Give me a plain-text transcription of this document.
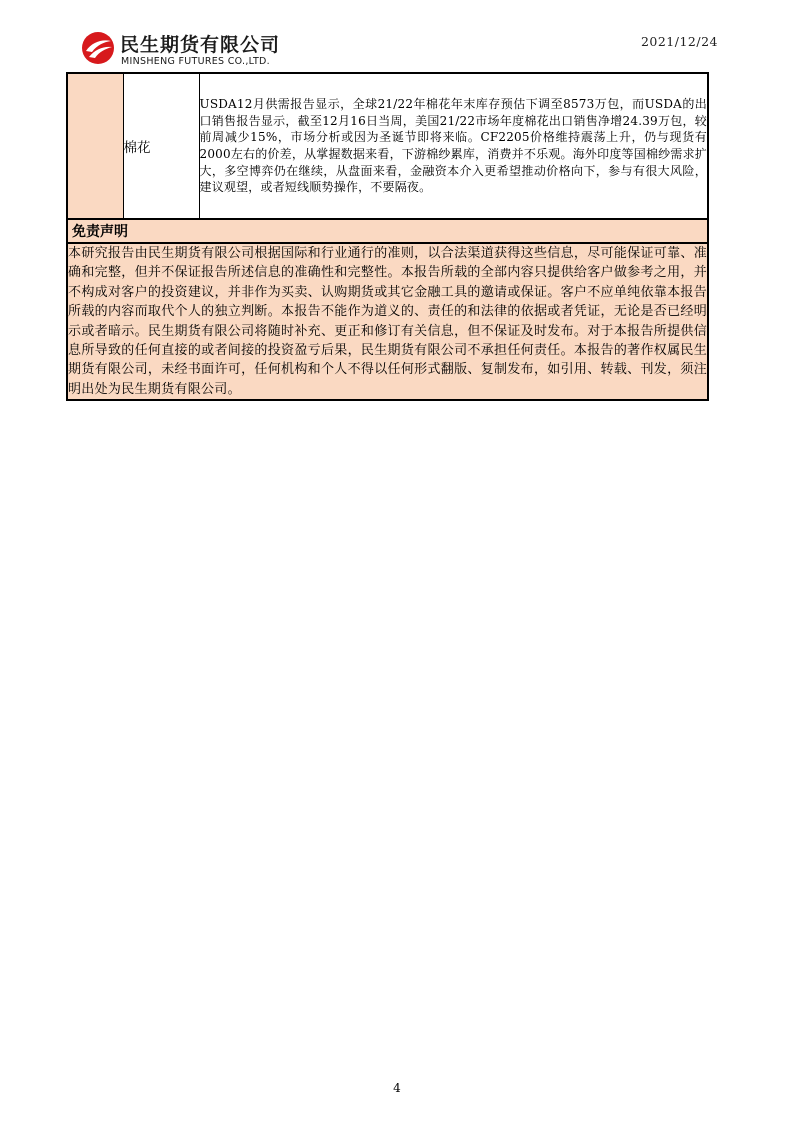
民生期货有限公司
MINSHENG FUTURES CO.,LTD.
2021/12/24
	棉花	USDA12月供需报告显示，全球21/22年棉花年末库存预估下调至8573万包，而USDA的出口销售报告显示，截至12月16日当周，美国21/22市场年度棉花出口销售净增24.39万包，较前周减少15%，市场分析或因为圣诞节即将来临。CF2205价格维持震荡上升，仍与现货有2000左右的价差，从掌握数据来看，下游棉纱累库，消费并不乐观。海外印度等国棉纱需求扩大，多空博弈仍在继续，从盘面来看，金融资本介入更希望推动价格向下，参与有很大风险，建议观望，或者短线顺势操作，不要隔夜。
免责声明
本研究报告由民生期货有限公司根据国际和行业通行的准则，以合法渠道获得这些信息，尽可能保证可靠、准确和完整，但并不保证报告所述信息的准确性和完整性。本报告所载的全部内容只提供给客户做参考之用，并不构成对客户的投资建议，并非作为买卖、认购期货或其它金融工具的邀请或保证。客户不应单纯依靠本报告所载的内容而取代个人的独立判断。本报告不能作为道义的、责任的和法律的依据或者凭证，无论是否已经明示或者暗示。民生期货有限公司将随时补充、更正和修订有关信息，但不保证及时发布。对于本报告所提供信息所导致的任何直接的或者间接的投资盈亏后果，民生期货有限公司不承担任何责任。本报告的著作权属民生期货有限公司，未经书面许可，任何机构和个人不得以任何形式翻版、复制发布，如引用、转载、刊发，须注明出处为民生期货有限公司。
4
